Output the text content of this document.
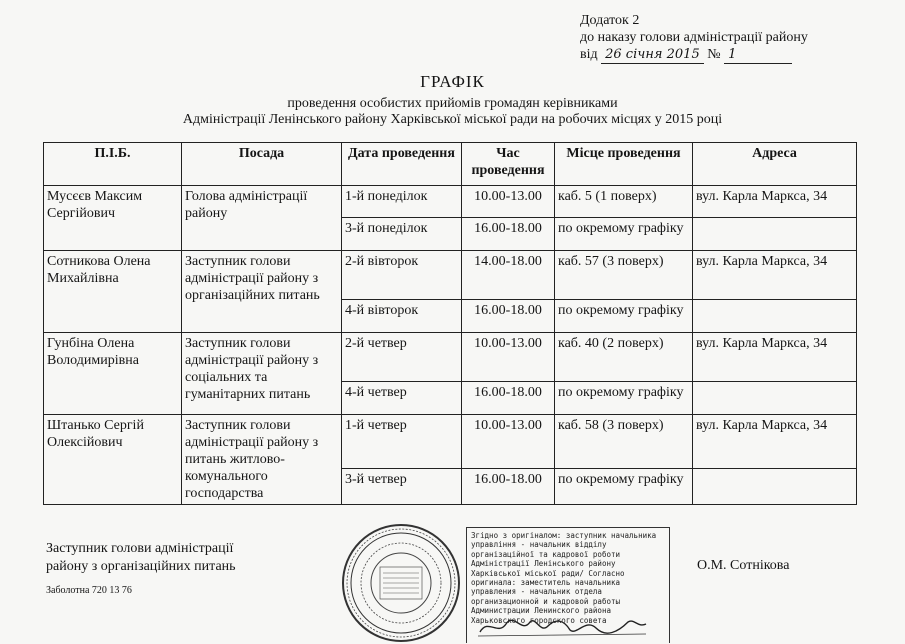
Додаток 2
до наказу голови адміністрації району
від 26 січня 2015 № 1
ГРАФІК
проведення особистих прийомів громадян керівниками
Адміністрації Ленінського району Харківської міської ради на робочих місцях у 2015 році
П.І.Б.	Посада	Дата проведення	Час проведення	Місце проведення	Адреса
Мусєєв Максим Сергійович	Голова адміністрації району	1-й понеділок	10.00-13.00	каб. 5 (1 поверх)	вул. Карла Маркса, 34
		3-й понеділок	16.00-18.00	по окремому графіку	
Сотникова Олена Михайлівна	Заступник голови адміністрації району з організаційних питань	2-й вівторок	14.00-18.00	каб. 57 (3 поверх)	вул. Карла Маркса, 34
		4-й вівторок	16.00-18.00	по окремому графіку	
Гунбіна Олена Володимирівна	Заступник голови адміністрації району з соціальних та гуманітарних питань	2-й четвер	10.00-13.00	каб. 40 (2 поверх)	вул. Карла Маркса, 34
		4-й четвер	16.00-18.00	по окремому графіку	
Штанько Сергій Олексійович	Заступник голови адміністрації району з питань житлово-комунального господарства	1-й четвер	10.00-13.00	каб. 58 (3 поверх)	вул. Карла Маркса, 34
		3-й четвер	16.00-18.00	по окремому графіку	
Заступник голови адміністрації
району з організаційних питань
Заболотна 720 13 76
О.М. Сотнiкова
Згідно з оригіналом: заступник начальника управління - начальник відділу організаційної та кадрової роботи Адміністрації Ленінського району Харківської міської ради/ Согласно оригинала: заместитель начальника управления - начальник отдела организационной и кадровой работы Администрации Ленинского района Харьковского городского совета
